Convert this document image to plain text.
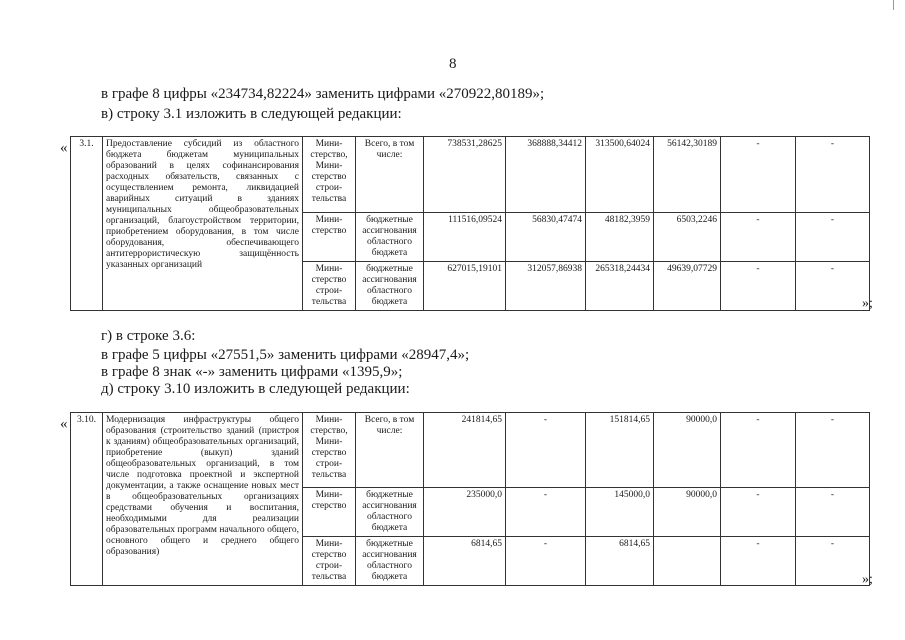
8
в графе 8 цифры «234734,82224» заменить цифрами «270922,80189»;
в) строку 3.1 изложить в следующей редакции:
« 3.1.	Предоставление субсидий из областного бюджета бюджетам муниципальных образований в целях софинансирования расходных обязательств, связанных с осуществлением ремонта, ликвидацией аварийных ситуаций в зданиях муниципальных общеобразовательных организаций, благоустройством территории, приобретением оборудования, в том числе оборудования, обеспечивающего антитеррористическую защищённость указанных организаций	Мини-стерство, Мини-стерство строи-тельства	Всего, в том числе:	738531,28625	368888,34412	313500,64024	56142,30189	-	-
		Мини-стерство	бюджетные ассигнования областного бюджета	111516,09524	56830,47474	48182,3959	6503,2246	-	-
		Мини-стерство строи-тельства	бюджетные ассигнования областного бюджета	627015,19101	312057,86938	265318,24434	49639,07729	-	-
»;
г) в строке 3.6:
в графе 5 цифры «27551,5» заменить цифрами «28947,4»;
в графе 8 знак «-» заменить цифрами «1395,9»;
д) строку 3.10 изложить в следующей редакции:
« 3.10.	Модернизация инфраструктуры общего образования (строительство зданий (пристроя к зданиям) общеобразовательных организаций, приобретение (выкуп) зданий общеобразовательных организаций, в том числе подготовка проектной и экспертной документации, а также оснащение новых мест в общеобразовательных организациях средствами обучения и воспитания, необходимыми для реализации образовательных программ начального общего, основного общего и среднего общего образования)	Мини-стерство, Мини-стерство строи-тельства	Всего, в том числе:	241814,65	-	151814,65	90000,0	-	-
		Мини-стерство	бюджетные ассигнования областного бюджета	235000,0	-	145000,0	90000,0	-	-
		Мини-стерство строи-тельства	бюджетные ассигнования областного бюджета	6814,65	-	6814,65		-	-
»;
